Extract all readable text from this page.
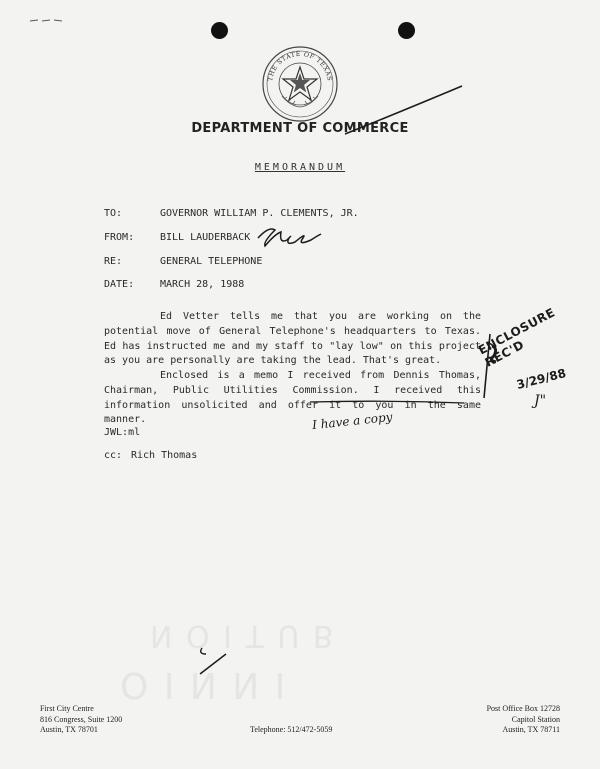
THE STATE OF TEXAS
DEPARTMENT OF COMMERCE
MEMORANDUM
TO:	GOVERNOR WILLIAM P. CLEMENTS, JR.
FROM:	BILL LAUDERBACK
RE:	GENERAL TELEPHONE
DATE:	MARCH 28, 1988
Ed Vetter tells me that you are working on the potential move of General Telephone's headquarters to Texas. Ed has instructed me and my staff to "lay low" on this project as you are personally are taking the lead. That's great.
Enclosed is a memo I received from Dennis Thomas, Chairman, Public Utilities Commission. I received this information unsolicited and offer it to you in the same manner.
JWL:ml
cc: Rich Thomas
I have a copy
ENCLOSURE REC'D
3/29/88
J"
N O I T U B
O I N N I
First City Centre
816 Congress, Suite 1200
Austin, TX 78701	Telephone: 512/472-5059
Post Office Box 12728
Capitol Station
Austin, TX 78711
